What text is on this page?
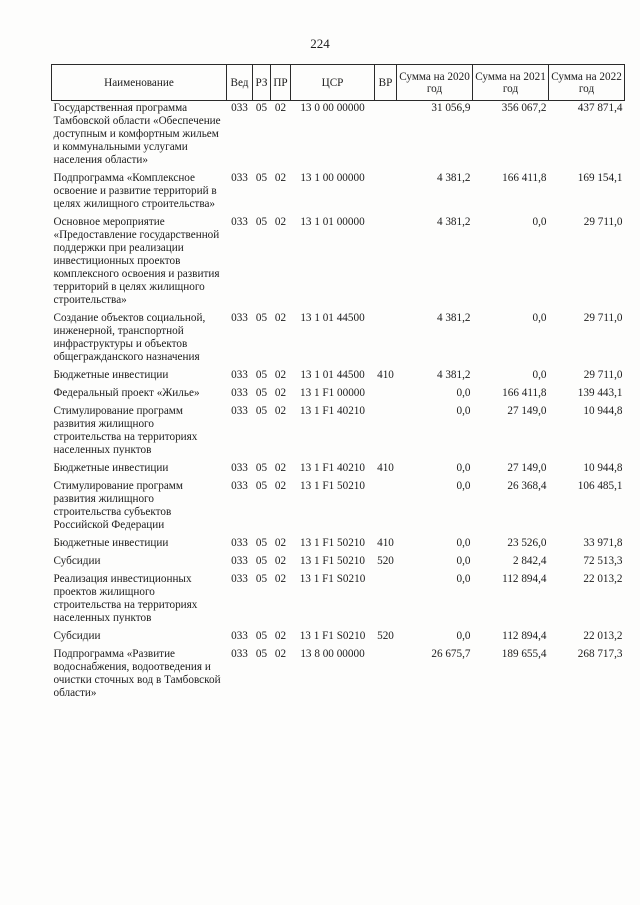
224
Наименование	Вед	РЗ	ПР	ЦСР	ВР	Сумма на 2020 год	Сумма на 2021 год	Сумма на 2022 год
Государственная программа Тамбовской области «Обеспечение доступным и комфортным жильем и коммунальными услугами населения области»	033	05	02	13 0 00 00000		31 056,9	356 067,2	437 871,4
Подпрограмма «Комплексное освоение и развитие территорий в целях жилищного строительства»	033	05	02	13 1 00 00000		4 381,2	166 411,8	169 154,1
Основное мероприятие «Предоставление государственной поддержки при реализации инвестиционных проектов комплексного освоения и развития территорий в целях жилищного строительства»	033	05	02	13 1 01 00000		4 381,2	0,0	29 711,0
Создание объектов социальной, инженерной, транспортной инфраструктуры и объектов общегражданского назначения	033	05	02	13 1 01 44500		4 381,2	0,0	29 711,0
Бюджетные инвестиции	033	05	02	13 1 01 44500	410	4 381,2	0,0	29 711,0
Федеральный проект «Жилье»	033	05	02	13 1 F1 00000		0,0	166 411,8	139 443,1
Стимулирование программ развития жилищного строительства на территориях населенных пунктов	033	05	02	13 1 F1 40210		0,0	27 149,0	10 944,8
Бюджетные инвестиции	033	05	02	13 1 F1 40210	410	0,0	27 149,0	10 944,8
Стимулирование программ развития жилищного строительства субъектов Российской Федерации	033	05	02	13 1 F1 50210		0,0	26 368,4	106 485,1
Бюджетные инвестиции	033	05	02	13 1 F1 50210	410	0,0	23 526,0	33 971,8
Субсидии	033	05	02	13 1 F1 50210	520	0,0	2 842,4	72 513,3
Реализация инвестиционных проектов жилищного строительства на территориях населенных пунктов	033	05	02	13 1 F1 S0210		0,0	112 894,4	22 013,2
Субсидии	033	05	02	13 1 F1 S0210	520	0,0	112 894,4	22 013,2
Подпрограмма «Развитие водоснабжения, водоотведения и очистки сточных вод в Тамбовской области»	033	05	02	13 8 00 00000		26 675,7	189 655,4	268 717,3
